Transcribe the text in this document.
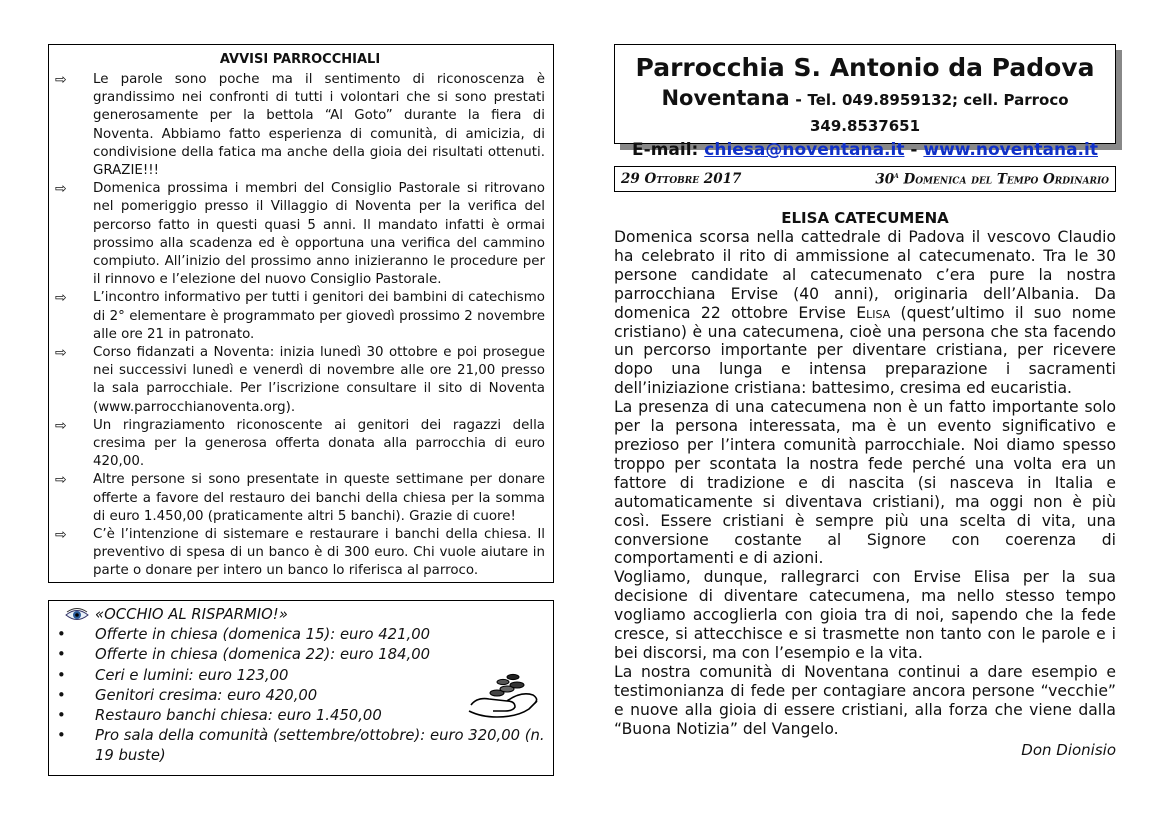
AVVISI PARROCCHIALI
⇨	Le parole sono poche ma il sentimento di riconoscenza è grandissimo nei confronti di tutti i volontari che si sono prestati generosamente per la bettola “Al Goto” durante la fiera di Noventa. Abbiamo fatto esperienza di comunità, di amicizia, di condivisione della fatica ma anche della gioia dei risultati ottenuti. GRAZIE!!!
⇨	Domenica prossima i membri del Consiglio Pastorale si ritrovano nel pomeriggio presso il Villaggio di Noventa per la verifica del percorso fatto in questi quasi 5 anni. Il mandato infatti è ormai prossimo alla scadenza ed è opportuna una verifica del cammino compiuto. All’inizio del prossimo anno inizieranno le procedure per il rinnovo e l’elezione del nuovo Consiglio Pastorale.
⇨	L’incontro informativo per tutti i genitori dei bambini di catechismo di 2° elementare è programmato per giovedì prossimo 2 novembre alle ore 21 in patronato.
⇨	Corso fidanzati a Noventa: inizia lunedì 30 ottobre e poi prosegue nei successivi lunedì e venerdì di novembre alle ore 21,00 presso la sala parrocchiale. Per l’iscrizione consultare il sito di Noventa (www.parrocchianoventa.org).
⇨	Un ringraziamento riconoscente ai genitori dei ragazzi della cresima per la generosa offerta donata alla parrocchia di euro 420,00.
⇨	Altre persone si sono presentate in queste settimane per donare offerte a favore del restauro dei banchi della chiesa per la somma di euro 1.450,00 (praticamente altri 5 banchi). Grazie di cuore!
⇨	C’è l’intenzione di sistemare e restaurare i banchi della chiesa. Il preventivo di spesa di un banco è di 300 euro. Chi vuole aiutare in parte o donare per intero un banco lo riferisca al parroco.
«OCCHIO AL RISPARMIO!»
•	Offerte in chiesa (domenica 15): euro 421,00
•	Offerte in chiesa (domenica 22): euro 184,00
•	Ceri e lumini: euro 123,00
•	Genitori cresima: euro 420,00
•	Restauro banchi chiesa: euro 1.450,00
•	Pro sala della comunità (settembre/ottobre): euro 320,00 (n. 19 buste)
Parrocchia S. Antonio da Padova
Noventana - Tel. 049.8959132; cell. Parroco 349.8537651
E-mail: chiesa@noventana.it - www.noventana.it
29 Ottobre 2017	30$^a$ Domenica del Tempo Ordinario
ELISA CATECUMENA

Domenica scorsa nella cattedrale di Padova il vescovo Claudio ha celebrato il rito di ammissione al catecumenato. Tra le 30 persone candidate al catecumenato c’era pure la nostra parrocchiana Ervise (40 anni), originaria dell’Albania. Da domenica 22 ottobre Ervise Elisa (quest’ultimo il suo nome cristiano) è una catecumena, cioè una persona che sta facendo un percorso importante per diventare cristiana, per ricevere dopo una lunga e intensa preparazione i sacramenti dell’iniziazione cristiana: battesimo, cresima ed eucaristia.

La presenza di una catecumena non è un fatto importante solo per la persona interessata, ma è un evento significativo e prezioso per l’intera comunità parrocchiale. Noi diamo spesso troppo per scontata la nostra fede perché una volta era un fattore di tradizione e di nascita (si nasceva in Italia e automaticamente si diventava cristiani), ma oggi non è più così. Essere cristiani è sempre più una scelta di vita, una conversione costante al Signore con coerenza di comportamenti e di azioni.

Vogliamo, dunque, rallegrarci con Ervise Elisa per la sua decisione di diventare catecumena, ma nello stesso tempo vogliamo accoglierla con gioia tra di noi, sapendo che la fede cresce, si attecchisce e si trasmette non tanto con le parole e i bei discorsi, ma con l’esempio e la vita.

La nostra comunità di Noventana continui a dare esempio e testimonianza di fede per contagiare ancora persone “vecchie” e nuove alla gioia di essere cristiani, alla forza che viene dalla “Buona Notizia” del Vangelo.

Don Dionisio
